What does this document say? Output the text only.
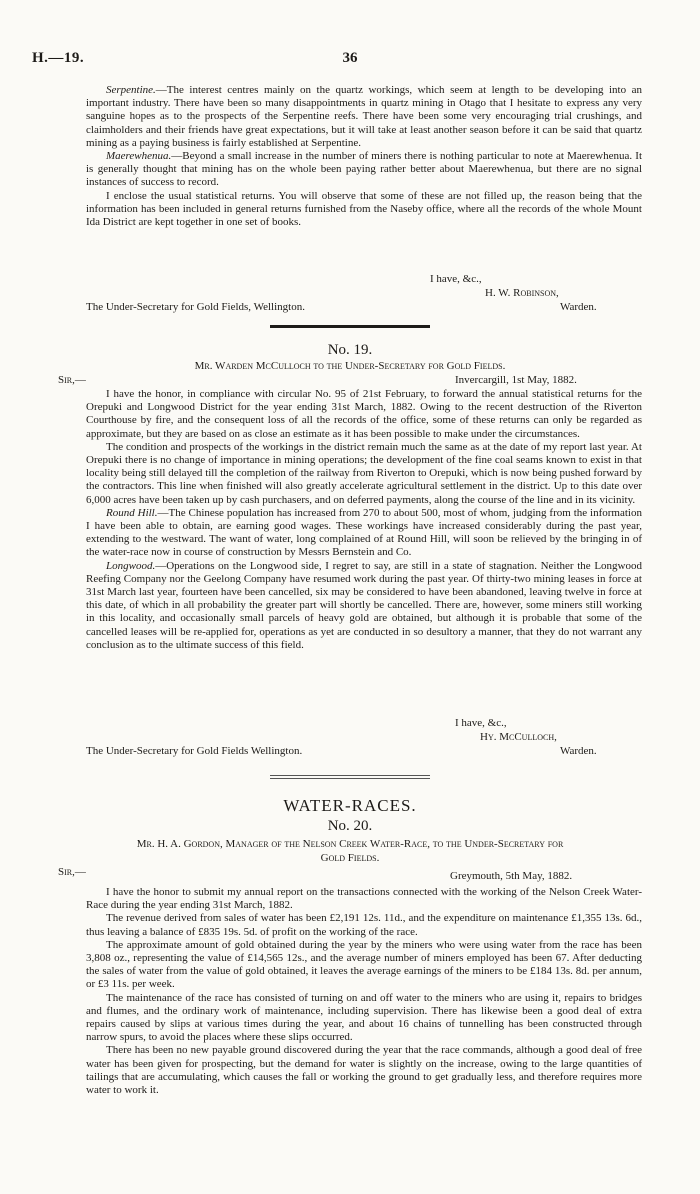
H.—19.	36

Serpentine.—The interest centres mainly on the quartz workings, which seem at length to be developing into an important industry. There have been so many disappointments in quartz mining in Otago that I hesitate to express any very sanguine hopes as to the prospects of the Serpentine reefs. There have been some very encouraging trial crushings, and claimholders and their friends have great expectations, but it will take at least another season before it can be said that quartz mining as a paying business is fairly established at Serpentine.

Maerewhenua.—Beyond a small increase in the number of miners there is nothing particular to note at Maerewhenua. It is generally thought that mining has on the whole been paying rather better about Maerewhenua, but there are no signal instances of success to record.

I enclose the usual statistical returns. You will observe that some of these are not filled up, the reason being that the information has been included in general returns furnished from the Naseby office, where all the records of the whole Mount Ida District are kept together in one set of books.

I have, &c.,
H. W. Robinson,
The Under-Secretary for Gold Fields, Wellington.	Warden.
No. 19.
Mr. Warden McCulloch to the Under-Secretary for Gold Fields.
Sir,—	Invercargill, 1st May, 1882.

I have the honor, in compliance with circular No. 95 of 21st February, to forward the annual statistical returns for the Orepuki and Longwood District for the year ending 31st March, 1882. Owing to the recent destruction of the Riverton Courthouse by fire, and the consequent loss of all the records of the office, some of these returns can only be regarded as approximate, but they are based on as close an estimate as it has been possible to make under the circumstances.

The condition and prospects of the workings in the district remain much the same as at the date of my report last year. At Orepuki there is no change of importance in mining operations; the development of the fine coal seams known to exist in that locality being still delayed till the completion of the railway from Riverton to Orepuki, which is now being pushed forward by the contractors. This line when finished will also greatly accelerate agricultural settlement in the district. Up to this date over 6,000 acres have been taken up by cash purchasers, and on deferred payments, along the course of the line and in its vicinity.

Round Hill.—The Chinese population has increased from 270 to about 500, most of whom, judging from the information I have been able to obtain, are earning good wages. These workings have increased considerably during the past year, extending to the westward. The want of water, long complained of at Round Hill, will soon be relieved by the bringing in of the water-race now in course of construction by Messrs Bernstein and Co.

Longwood.—Operations on the Longwood side, I regret to say, are still in a state of stagnation. Neither the Longwood Reefing Company nor the Geelong Company have resumed work during the past year. Of thirty-two mining leases in force at 31st March last year, fourteen have been cancelled, six may be considered to have been abandoned, leaving twelve in force at this date, of which in all probability the greater part will shortly be cancelled. There are, however, some miners still working in this locality, and occasionally small parcels of heavy gold are obtained, but although it is probable that some of the cancelled leases will be re-applied for, operations as yet are conducted in so desultory a manner, that they do not warrant any conclusion as to the ultimate success of this field.

I have, &c.,
Hy. McCulloch,
The Under-Secretary for Gold Fields Wellington.	Warden.
WATER-RACES.
No. 20.
Mr. H. A. Gordon, Manager of the Nelson Creek Water-Race, to the Under-Secretary for
Gold Fields.
Sir,—	Greymouth, 5th May, 1882.

I have the honor to submit my annual report on the transactions connected with the working of the Nelson Creek Water-Race during the year ending 31st March, 1882.

The revenue derived from sales of water has been £2,191 12s. 11d., and the expenditure on maintenance £1,355 13s. 6d., thus leaving a balance of £835 19s. 5d. of profit on the working of the race.

The approximate amount of gold obtained during the year by the miners who were using water from the race has been 3,808 oz., representing the value of £14,565 12s., and the average number of miners employed has been 67. After deducting the sales of water from the value of gold obtained, it leaves the average earnings of the miners to be £184 13s. 8d. per annum, or £3 11s. per week.

The maintenance of the race has consisted of turning on and off water to the miners who are using it, repairs to bridges and flumes, and the ordinary work of maintenance, including supervision. There has likewise been a good deal of extra repairs caused by slips at various times during the year, and about 16 chains of tunnelling has been constructed through narrow spurs, to avoid the places where these slips occurred.

There has been no new payable ground discovered during the year that the race commands, although a good deal of free water has been given for prospecting, but the demand for water is slightly on the increase, owing to the large quantities of tailings that are accumulating, which causes the fall or working the ground to get gradually less, and therefore requires more water to work it.
